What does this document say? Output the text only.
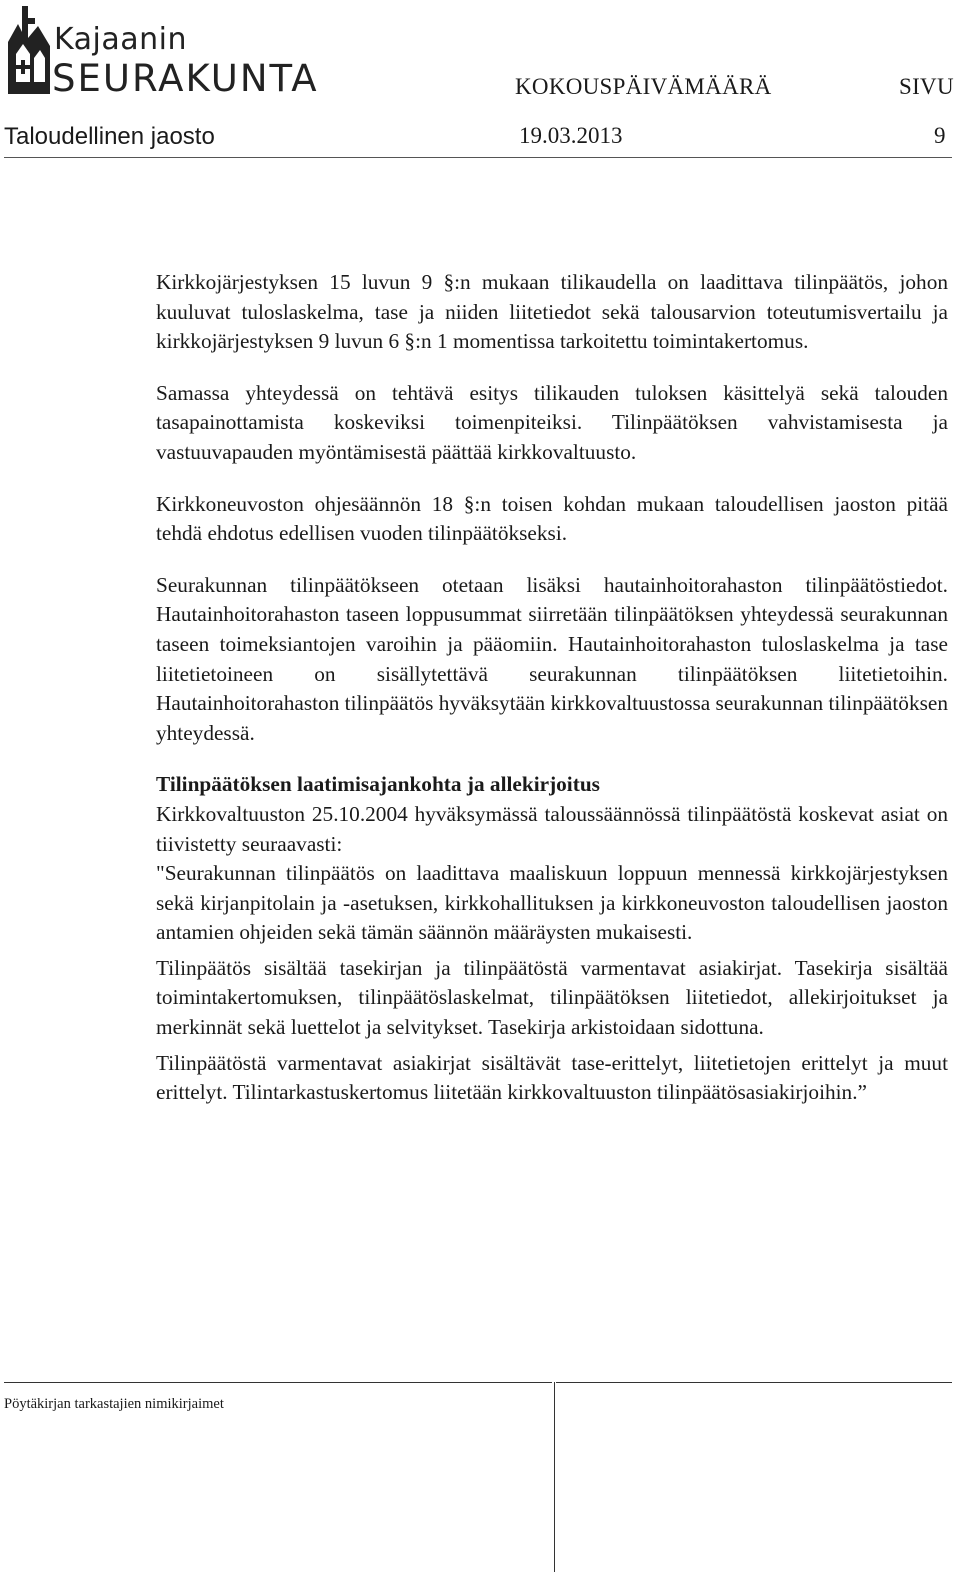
Kajaanin
SEURAKUNTA	KOKOUSPÄIVÄMÄÄRÄ	SIVU
Taloudellinen jaosto	19.03.2013	9

Kirkkojärjestyksen 15 luvun 9 §:n mukaan tilikaudella on laadittava tilinpäätös, johon kuuluvat tuloslaskelma, tase ja niiden liitetiedot sekä talousarvion toteutumisvertailu ja kirkkojärjestyksen 9 luvun 6 §:n 1 momentissa tarkoitettu toimintakertomus.

Samassa yhteydessä on tehtävä esitys tilikauden tuloksen käsittelyä sekä talouden tasapainottamista koskeviksi toimenpiteiksi. Tilinpäätöksen vahvistamisesta ja vastuuvapauden myöntämisestä päättää kirkkovaltuusto.

Kirkkoneuvoston ohjesäännön 18 §:n toisen kohdan mukaan taloudellisen jaoston pitää tehdä ehdotus edellisen vuoden tilinpäätökseksi.

Seurakunnan tilinpäätökseen otetaan lisäksi hautainhoitorahaston tilinpäätöstiedot. Hautainhoitorahaston taseen loppusummat siirretään tilinpäätöksen yhteydessä seurakunnan taseen toimeksiantojen varoihin ja pääomiin. Hautainhoitorahaston tuloslaskelma ja tase liitetietoineen on sisällytettävä seurakunnan tilinpäätöksen liitetietoihin. Hautainhoitorahaston tilinpäätös hyväksytään kirkkovaltuustossa seurakunnan tilinpäätöksen yhteydessä.

Tilinpäätöksen laatimisajankohta ja allekirjoitus

Kirkkovaltuuston 25.10.2004 hyväksymässä taloussäännössä tilinpäätöstä koskevat asiat on tiivistetty seuraavasti:

"Seurakunnan tilinpäätös on laadittava maaliskuun loppuun mennessä kirkkojärjestyksen sekä kirjanpitolain ja -asetuksen, kirkkohallituksen ja kirkkoneuvoston taloudellisen jaoston antamien ohjeiden sekä tämän säännön määräysten mukaisesti.

Tilinpäätös sisältää tasekirjan ja tilinpäätöstä varmentavat asiakirjat. Tasekirja sisältää toimintakertomuksen, tilinpäätöslaskelmat, tilinpäätöksen liitetiedot, allekirjoitukset ja merkinnät sekä luettelot ja selvitykset. Tasekirja arkistoidaan sidottuna.

Tilinpäätöstä varmentavat asiakirjat sisältävät tase-erittelyt, liitetietojen erittelyt ja muut erittelyt. Tilintarkastuskertomus liitetään kirkkovaltuuston tilinpäätösasiakirjoihin.”

Pöytäkirjan tarkastajien nimikirjaimet
